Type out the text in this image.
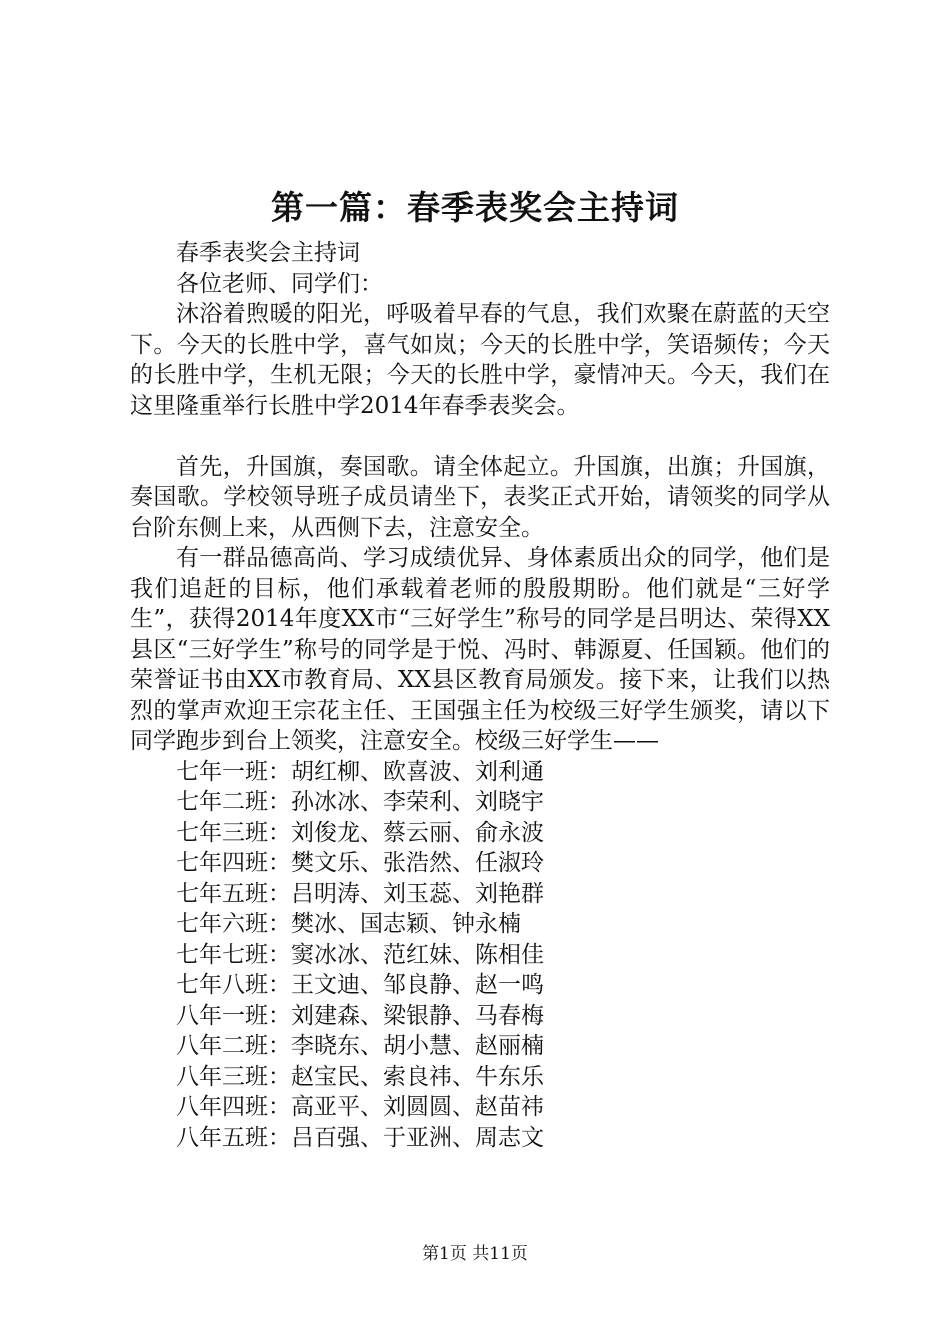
第一篇：春季表奖会主持词

春季表奖会主持词

各位老师、同学们：

沐浴着煦暖的阳光，呼吸着早春的气息，我们欢聚在蔚蓝的天空下。今天的长胜中学，喜气如岚；今天的长胜中学，笑语频传；今天的长胜中学，生机无限；今天的长胜中学，豪情冲天。今天，我们在这里隆重举行长胜中学2014年春季表奖会。

首先，升国旗，奏国歌。请全体起立。升国旗，出旗；升国旗，奏国歌。学校领导班子成员请坐下，表奖正式开始，请领奖的同学从台阶东侧上来，从西侧下去，注意安全。

有一群品德高尚、学习成绩优异、身体素质出众的同学，他们是我们追赶的目标，他们承载着老师的殷殷期盼。他们就是“三好学生”，获得2014年度XX市“三好学生”称号的同学是吕明达、荣得XX县区“三好学生”称号的同学是于悦、冯时、韩源夏、任国颖。他们的荣誉证书由XX市教育局、XX县区教育局颁发。接下来，让我们以热烈的掌声欢迎王宗花主任、王国强主任为校级三好学生颁奖，请以下同学跑步到台上领奖，注意安全。校级三好学生——

七年一班：胡红柳、欧喜波、刘利通
七年二班：孙冰冰、李荣利、刘晓宇
七年三班：刘俊龙、蔡云丽、俞永波
七年四班：樊文乐、张浩然、任淑玲
七年五班：吕明涛、刘玉蕊、刘艳群
七年六班：樊冰、国志颖、钟永楠
七年七班：窦冰冰、范红妹、陈相佳
七年八班：王文迪、邹良静、赵一鸣
八年一班：刘建森、梁银静、马春梅
八年二班：李晓东、胡小慧、赵丽楠
八年三班：赵宝民、索良祎、牛东乐
八年四班：高亚平、刘圆圆、赵苗祎
八年五班：吕百强、于亚洲、周志文
第1页 共11页
